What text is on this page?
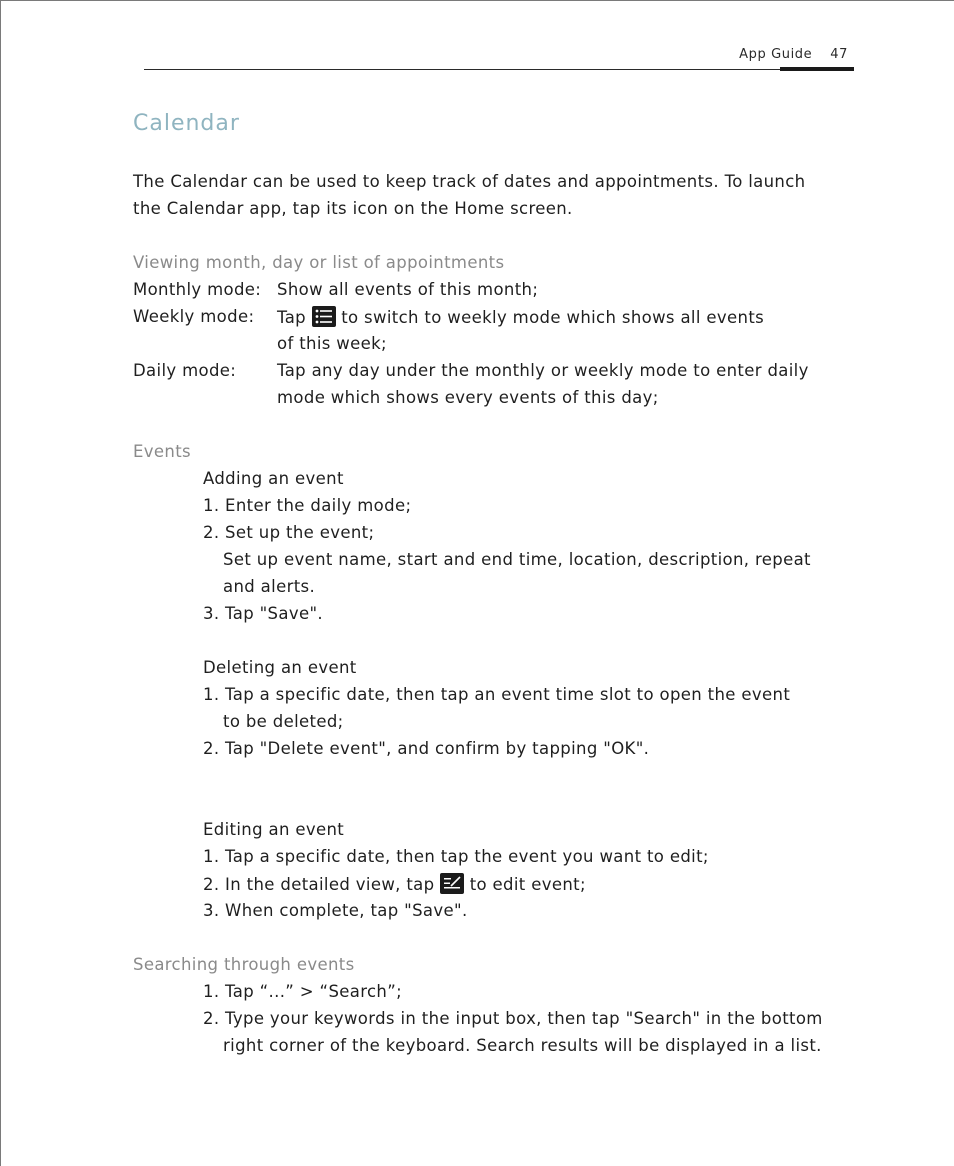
App Guide 47
Calendar
The Calendar can be used to keep track of dates and appointments. To launch
the Calendar app, tap its icon on the Home screen.
Viewing month, day or list of appointments
Monthly mode: Show all events of this month;
Weekly mode: Tap to switch to weekly mode which shows all events
of this week;
Daily mode: Tap any day under the monthly or weekly mode to enter daily
mode which shows every events of this day;
Events
Adding an event
1. Enter the daily mode;
2. Set up the event;
Set up event name, start and end time, location, description, repeat
and alerts.
3. Tap "Save".
Deleting an event
1. Tap a specific date, then tap an event time slot to open the event
to be deleted;
2. Tap "Delete event", and confirm by tapping "OK".
Editing an event
1. Tap a specific date, then tap the event you want to edit;
2. In the detailed view, tap to edit event;
3. When complete, tap "Save".
Searching through events
1. Tap “...” > “Search”;
2. Type your keywords in the input box, then tap "Search" in the bottom
right corner of the keyboard. Search results will be displayed in a list.
